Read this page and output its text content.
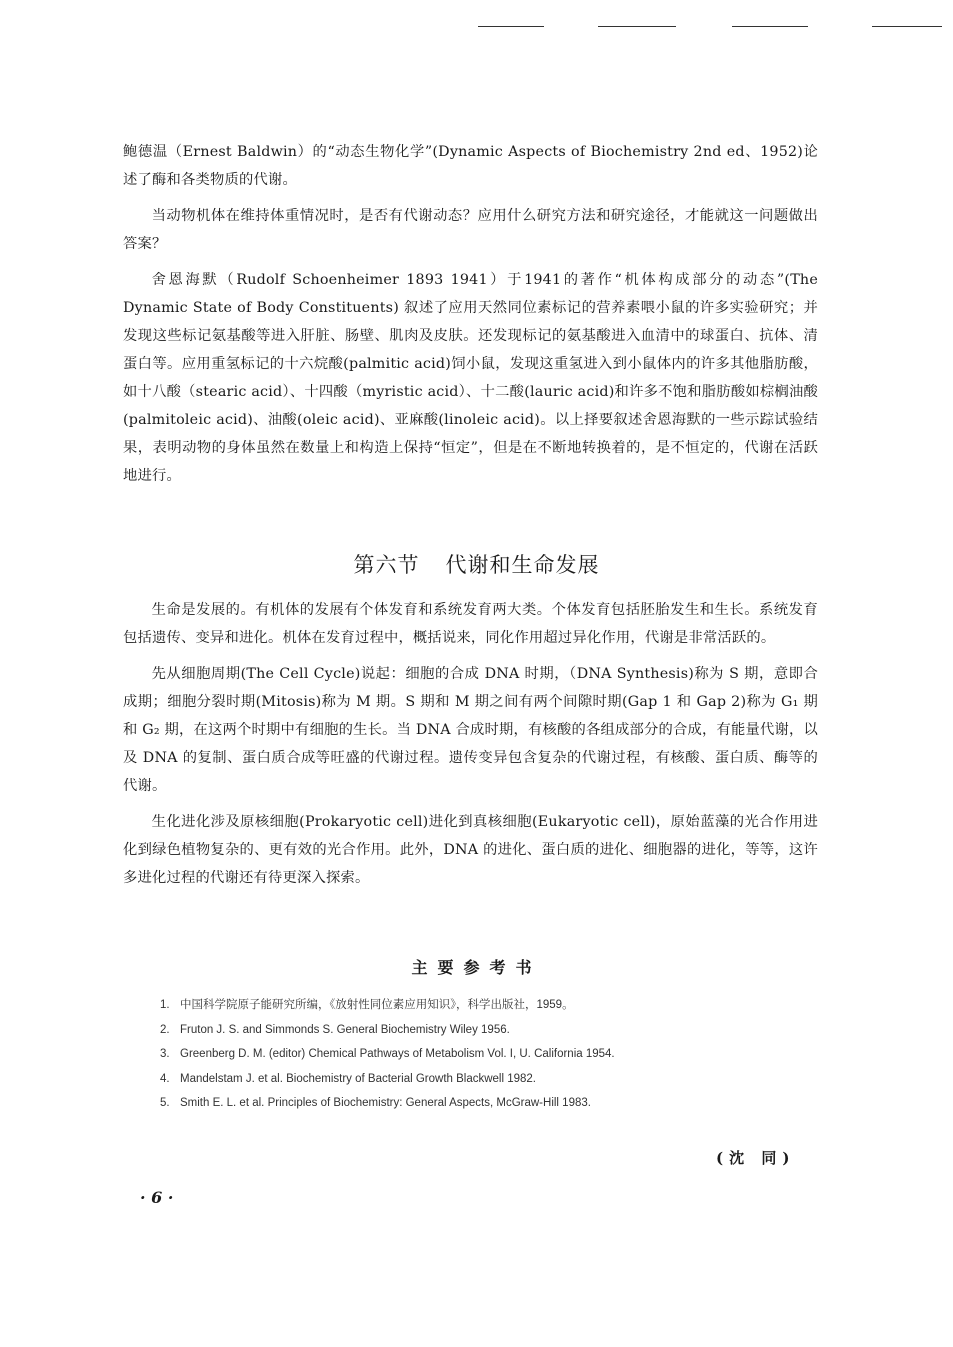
鲍德温（Ernest Baldwin）的“动态生物化学”(Dynamic Aspects of Biochemistry 2nd ed、1952)论述了酶和各类物质的代谢。

当动物机体在维持体重情况时，是否有代谢动态？应用什么研究方法和研究途径，才能就这一问题做出答案？

舍恩海默（Rudolf Schoenheimer 1893 1941）于1941的著作“机体构成部分的动态”(The Dynamic State of Body Constituents) 叙述了应用天然同位素标记的营养素喂小鼠的许多实验研究；并发现这些标记氨基酸等进入肝脏、肠壁、肌肉及皮肤。还发现标记的氨基酸进入血清中的球蛋白、抗体、清蛋白等。应用重氢标记的十六烷酸(palmitic acid)饲小鼠，发现这重氢进入到小鼠体内的许多其他脂肪酸，如十八酸（stearic acid）、十四酸（myristic acid）、十二酸(lauric acid)和许多不饱和脂肪酸如棕榈油酸(palmitoleic acid)、油酸(oleic acid)、亚麻酸(linoleic acid)。以上择要叙述舍恩海默的一些示踪试验结果，表明动物的身体虽然在数量上和构造上保持“恒定”，但是在不断地转换着的，是不恒定的，代谢在活跃地进行。

第六节 代谢和生命发展

生命是发展的。有机体的发展有个体发育和系统发育两大类。个体发育包括胚胎发生和生长。系统发育包括遗传、变异和进化。机体在发育过程中，概括说来，同化作用超过异化作用，代谢是非常活跃的。

先从细胞周期(The Cell Cycle)说起：细胞的合成 DNA 时期，（DNA Synthesis)称为 S 期，意即合成期；细胞分裂时期(Mitosis)称为 M 期。S 期和 M 期之间有两个间隙时期(Gap 1 和 Gap 2)称为 G₁ 期和 G₂ 期，在这两个时期中有细胞的生长。当 DNA 合成时期，有核酸的各组成部分的合成，有能量代谢，以及 DNA 的复制、蛋白质合成等旺盛的代谢过程。遗传变异包含复杂的代谢过程，有核酸、蛋白质、酶等的代谢。

生化进化涉及原核细胞(Prokaryotic cell)进化到真核细胞(Eukaryotic cell)，原始蓝藻的光合作用进化到绿色植物复杂的、更有效的光合作用。此外，DNA 的进化、蛋白质的进化、细胞器的进化，等等，这许多进化过程的代谢还有待更深入探索。

主要参考书
1. 中国科学院原子能研究所编，《放射性同位素应用知识》，科学出版社，1959。
2. Fruton J. S. and Simmonds S. General Biochemistry Wiley 1956.
3. Greenberg D. M. (editor) Chemical Pathways of Metabolism Vol. I, U. California 1954.
4. Mandelstam J. et al. Biochemistry of Bacterial Growth Blackwell 1982.
5. Smith E. L. et al. Principles of Biochemistry: General Aspects, McGraw-Hill 1983.
(沈 同)
· 6 ·
